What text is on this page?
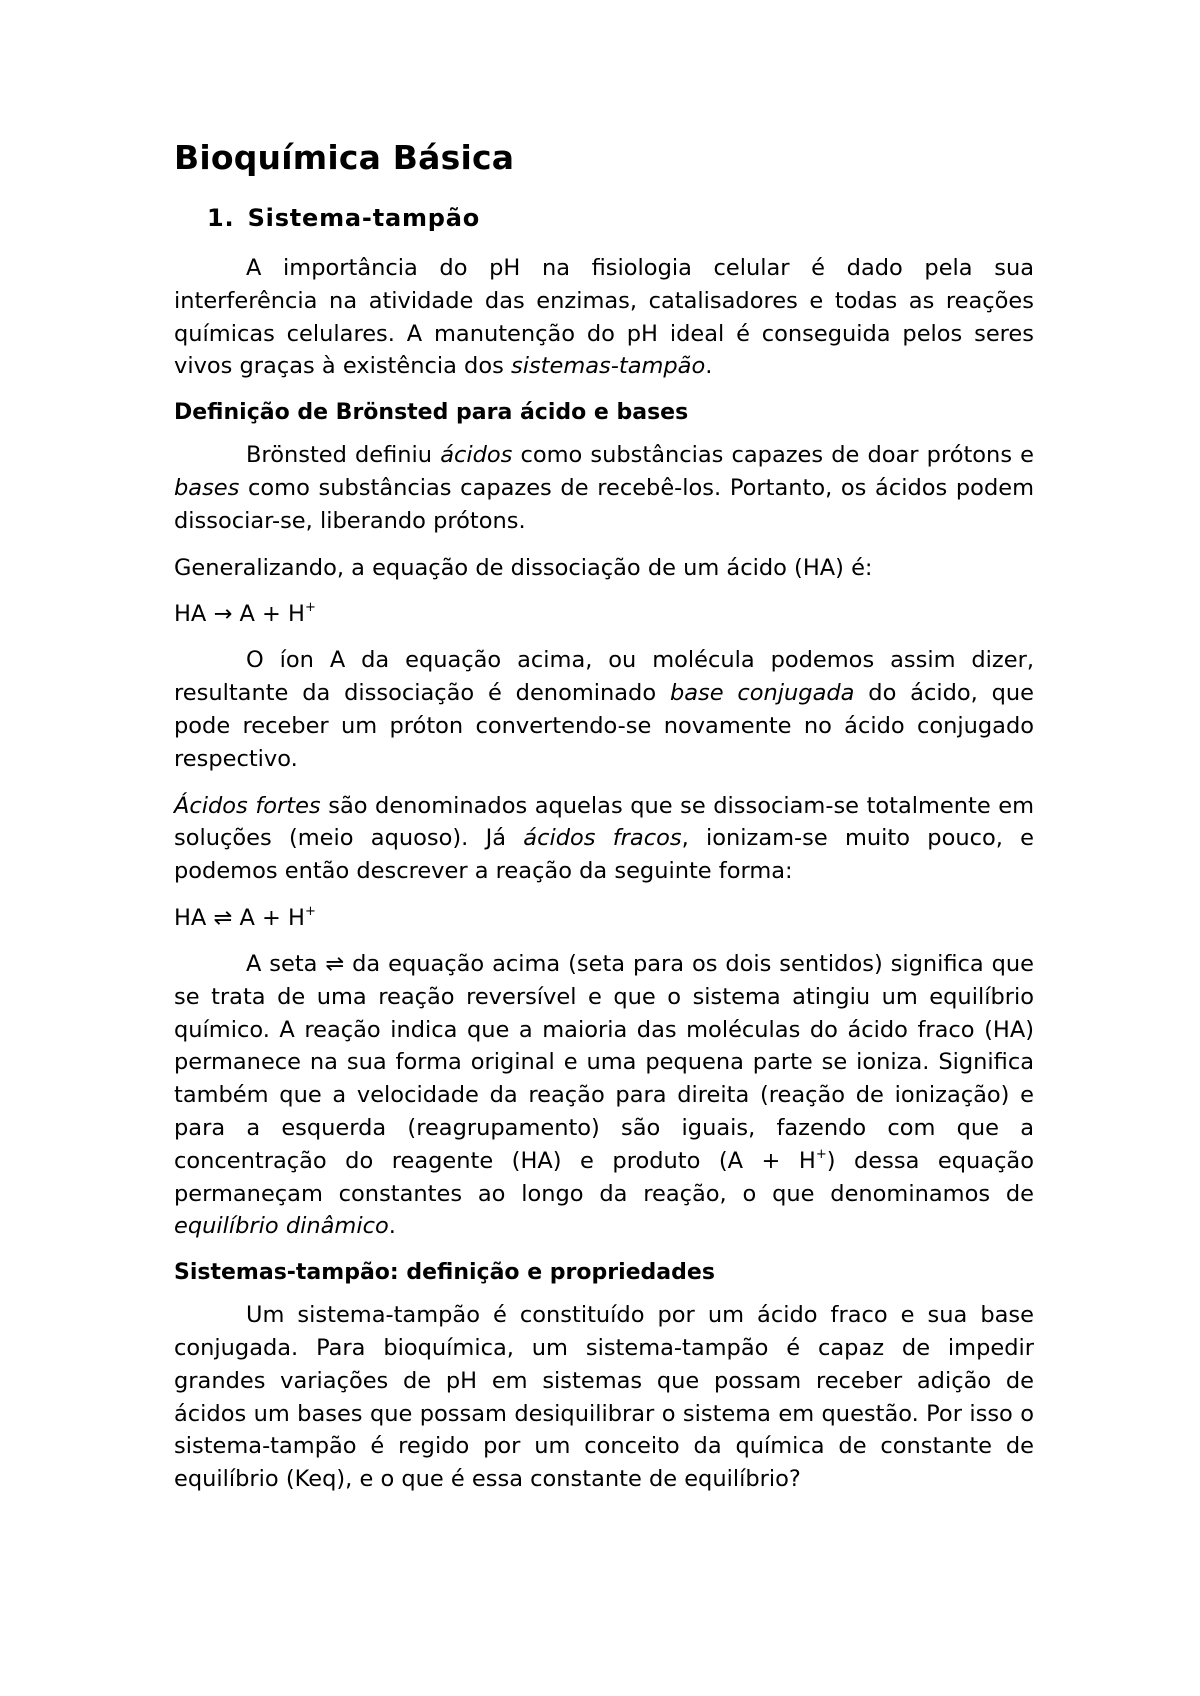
Bioquímica Básica
1. Sistema-tampão

A importância do pH na fisiologia celular é dado pela sua interferência na atividade das enzimas, catalisadores e todas as reações químicas celulares. A manutenção do pH ideal é conseguida pelos seres vivos graças à existência dos sistemas-tampão.

Definição de Brönsted para ácido e bases

Brönsted definiu ácidos como substâncias capazes de doar prótons e bases como substâncias capazes de recebê-los. Portanto, os ácidos podem dissociar-se, liberando prótons.

Generalizando, a equação de dissociação de um ácido (HA) é:

HA → A + H+

O íon A da equação acima, ou molécula podemos assim dizer, resultante da dissociação é denominado base conjugada do ácido, que pode receber um próton convertendo-se novamente no ácido conjugado respectivo.

Ácidos fortes são denominados aquelas que se dissociam-se totalmente em soluções (meio aquoso). Já ácidos fracos, ionizam-se muito pouco, e podemos então descrever a reação da seguinte forma:

HA ⇌ A + H+

A seta ⇌ da equação acima (seta para os dois sentidos) significa que se trata de uma reação reversível e que o sistema atingiu um equilíbrio químico. A reação indica que a maioria das moléculas do ácido fraco (HA) permanece na sua forma original e uma pequena parte se ioniza. Significa também que a velocidade da reação para direita (reação de ionização) e para a esquerda (reagrupamento) são iguais, fazendo com que a concentração do reagente (HA) e produto (A + H+) dessa equação permaneçam constantes ao longo da reação, o que denominamos de equilíbrio dinâmico.

Sistemas-tampão: definição e propriedades

Um sistema-tampão é constituído por um ácido fraco e sua base conjugada. Para bioquímica, um sistema-tampão é capaz de impedir grandes variações de pH em sistemas que possam receber adição de ácidos um bases que possam desiquilibrar o sistema em questão. Por isso o sistema-tampão é regido por um conceito da química de constante de equilíbrio (Keq), e o que é essa constante de equilíbrio?
